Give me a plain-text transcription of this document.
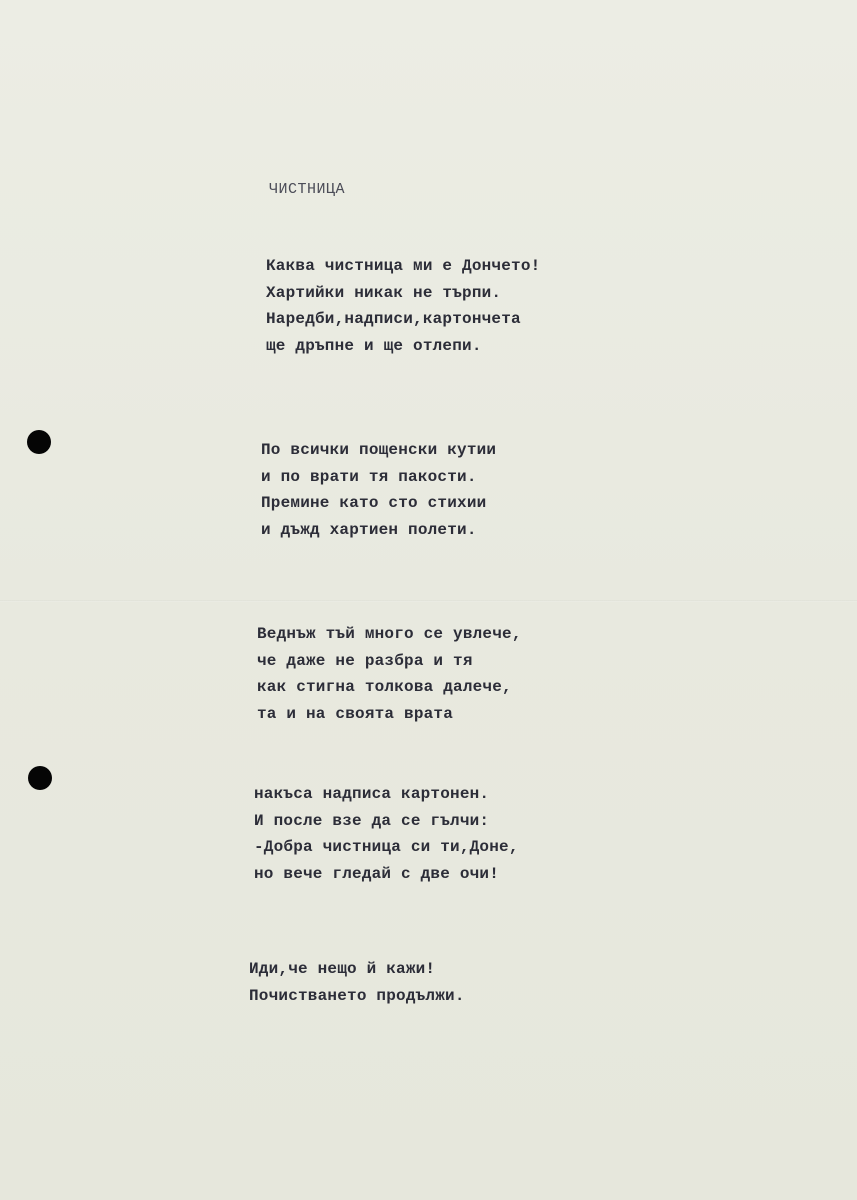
ЧИСТНИЦА
Каква чистница ми е Дончето!
Хартийки никак не търпи.
Наредби,надписи,картончета
ще дръпне и ще отлепи.
По всички пощенски кутии
и по врати тя пакости.
Премине като сто стихии
и дъжд хартиен полети.
Веднъж тъй много се увлече,
че даже не разбра и тя
как стигна толкова далече,
та и на своята врата
накъса надписа картонен.
И после взе да се гълчи:
-Добра чистница си ти,Доне,
но вече гледай с две очи!
Иди,че нещо й кажи!
Почистването продължи.
